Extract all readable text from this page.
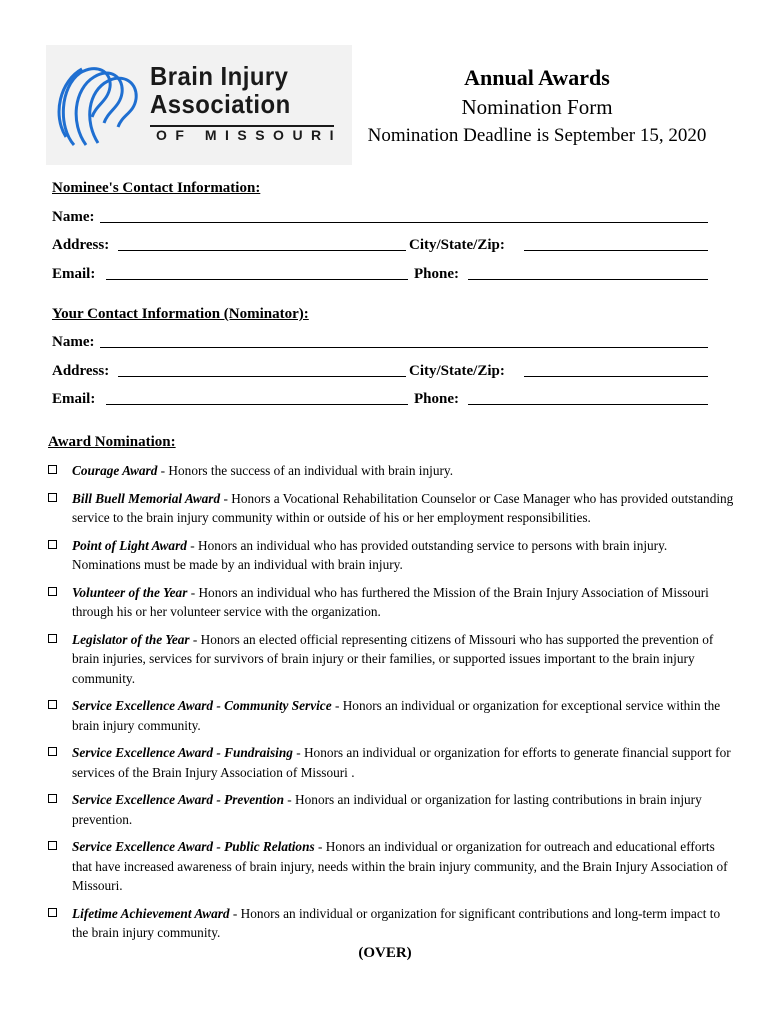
Brain Injury
Association
OF MISSOURI
Annual Awards
Nomination Form
Nomination Deadline is September 15, 2020
Nominee's Contact Information:
Name:
Address:	City/State/Zip:
Email:	Phone:
Your Contact Information (Nominator):
Name:
Address:	City/State/Zip:
Email:	Phone:
Award Nomination:
Courage Award - Honors the success of an individual with brain injury.
Bill Buell Memorial Award - Honors a Vocational Rehabilitation Counselor or Case Manager who has provided outstanding service to the brain injury community within or outside of his or her employment responsibilities.
Point of Light Award - Honors an individual who has provided outstanding service to persons with brain injury. Nominations must be made by an individual with brain injury.
Volunteer of the Year - Honors an individual who has furthered the Mission of the Brain Injury Association of Missouri through his or her volunteer service with the organization.
Legislator of the Year - Honors an elected official representing citizens of Missouri who has supported the prevention of brain injuries, services for survivors of brain injury or their families, or supported issues important to the brain injury community.
Service Excellence Award - Community Service - Honors an individual or organization for exceptional service within the brain injury community.
Service Excellence Award - Fundraising - Honors an individual or organization for efforts to generate financial support for services of the Brain Injury Association of Missouri .
Service Excellence Award - Prevention - Honors an individual or organization for lasting contributions in brain injury prevention.
Service Excellence Award - Public Relations - Honors an individual or organization for outreach and educational efforts that have increased awareness of brain injury, needs within the brain injury community, and the Brain Injury Association of Missouri.
Lifetime Achievement Award - Honors an individual or organization for significant contributions and long-term impact to the brain injury community.
(OVER)
